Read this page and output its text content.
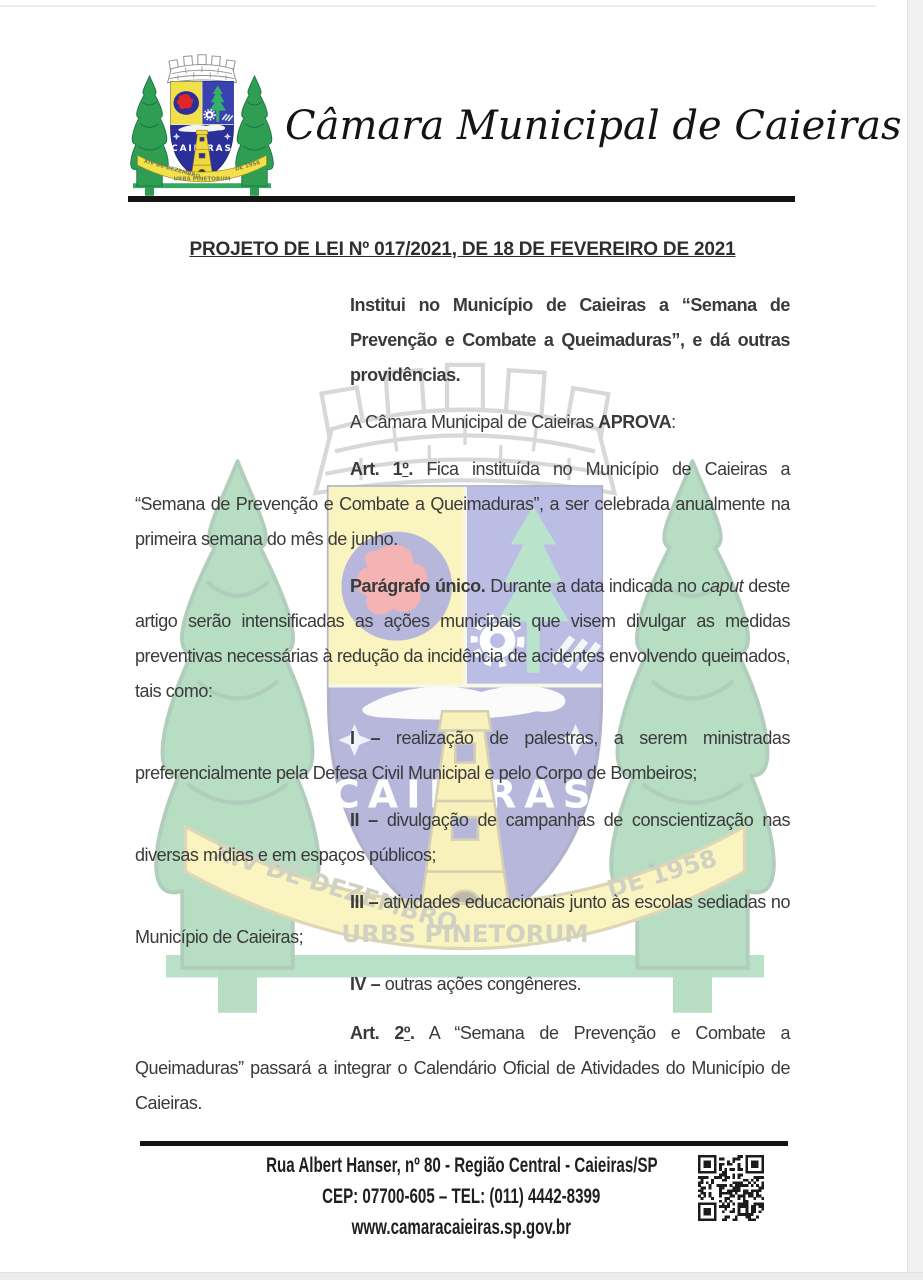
Câmara Municipal de Caieiras
PROJETO DE LEI Nº 017/2021, DE 18 DE FEVEREIRO DE 2021

Institui no Município de Caieiras a “Semana de Prevenção e Combate a Queimaduras”, e dá outras providências.

A Câmara Municipal de Caieiras APROVA:

Art. 1º. Fica instituída no Município de Caieiras a “Semana de Prevenção e Combate a Queimaduras”, a ser celebrada anualmente na primeira semana do mês de junho.

Parágrafo único. Durante a data indicada no caput deste artigo serão intensificadas as ações municipais que visem divulgar as medidas preventivas necessárias à redução da incidência de acidentes envolvendo queimados, tais como:

I – realização de palestras, a serem ministradas preferencialmente pela Defesa Civil Municipal e pelo Corpo de Bombeiros;

II – divulgação de campanhas de conscientização nas diversas mídias e em espaços públicos;

III – atividades educacionais junto às escolas sediadas no Município de Caieiras;

IV – outras ações congêneres.

Art. 2º. A “Semana de Prevenção e Combate a Queimaduras” passará a integrar o Calendário Oficial de Atividades do Município de Caieiras.

Rua Albert Hanser, nº 80 - Região Central - Caieiras/SP
CEP: 07700-605 – TEL: (011) 4442-8399
www.camaracaieiras.sp.gov.br
